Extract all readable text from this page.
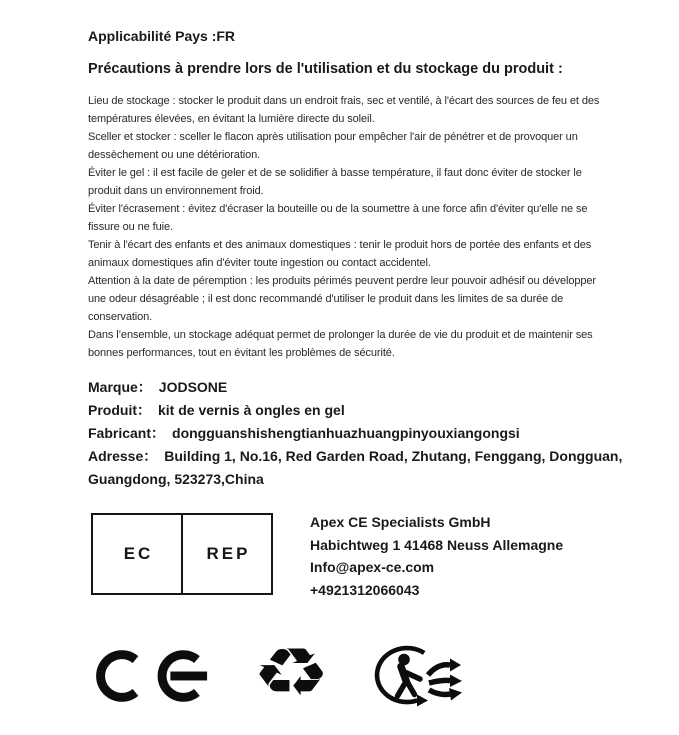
Applicabilité Pays :FR
Précautions à prendre lors de l'utilisation et du stockage du produit :
Lieu de stockage : stocker le produit dans un endroit frais, sec et ventilé, à l'écart des sources de feu et des
températures élevées, en évitant la lumière directe du soleil.
Sceller et stocker : sceller le flacon après utilisation pour empêcher l'air de pénétrer et de provoquer un
dessèchement ou une détérioration.
Éviter le gel : il est facile de geler et de se solidifier à basse température, il faut donc éviter de stocker le
produit dans un environnement froid.
Éviter l'écrasement : évitez d'écraser la bouteille ou de la soumettre à une force afin d'éviter qu'elle ne se
fissure ou ne fuie.
Tenir à l'écart des enfants et des animaux domestiques : tenir le produit hors de portée des enfants et des
animaux domestiques afin d'éviter toute ingestion ou contact accidentel.
Attention à la date de péremption : les produits périmés peuvent perdre leur pouvoir adhésif ou développer
une odeur désagréable ; il est donc recommandé d'utiliser le produit dans les limites de sa durée de
conservation.
Dans l’ensemble, un stockage adéquat permet de prolonger la durée de vie du produit et de maintenir ses
bonnes performances, tout en évitant les problèmes de sécurité.
Marque： JODSONE
Produit： kit de vernis à ongles en gel
Fabricant： dongguanshishengtianhuazhuangpinyouxiangongsi
Adresse： Building 1, No.16, Red Garden Road, Zhutang, Fenggang, Dongguan, Guangdong, 523273,China
EC	REP
Apex CE Specialists GmbH
Habichtweg 1 41468 Neuss Allemagne
Info@apex-ce.com
+4921312066043
♻
